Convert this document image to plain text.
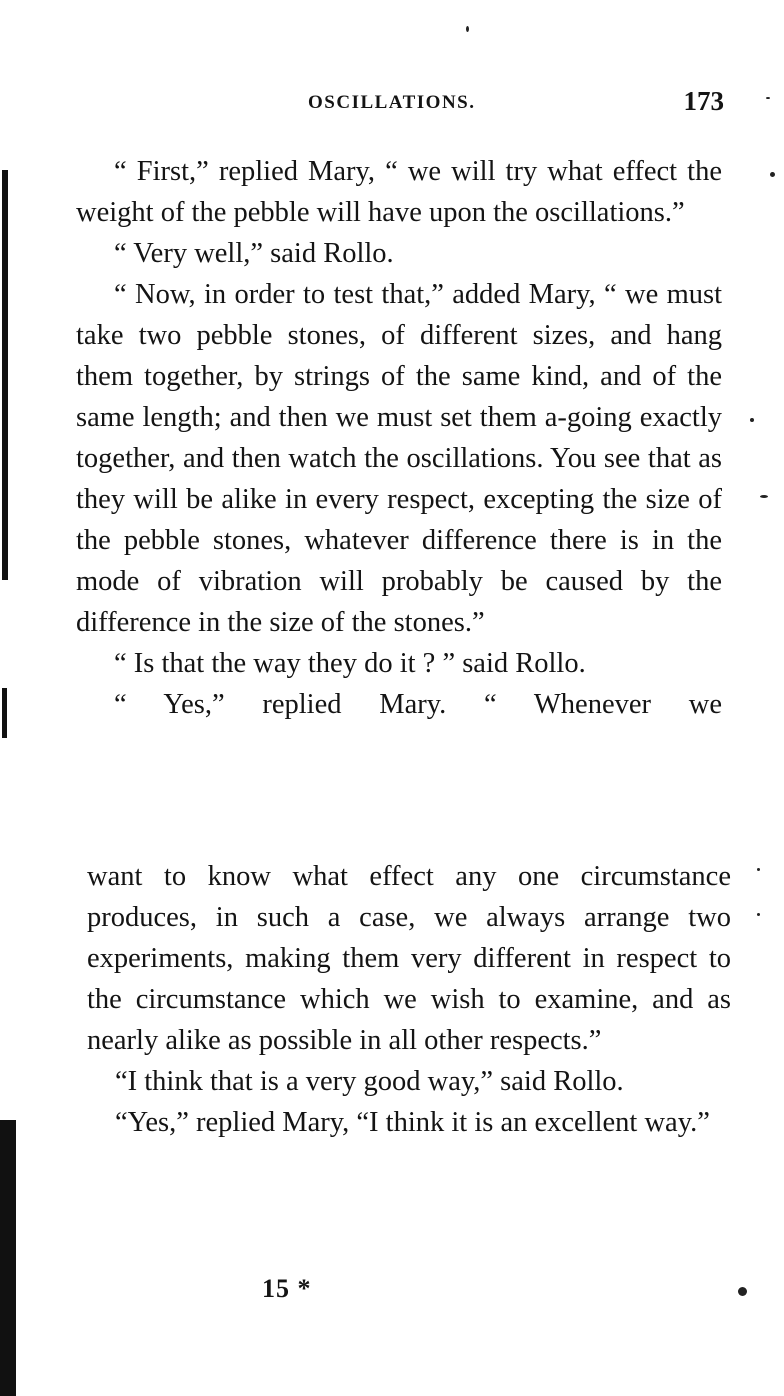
OSCILLATIONS.	173

“ First,” replied Mary, “ we will try what effect the weight of the pebble will have upon the oscillations.”

“ Very well,” said Rollo.

“ Now, in order to test that,” added Mary, “ we must take two pebble stones, of different sizes, and hang them together, by strings of the same kind, and of the same length; and then we must set them a-going exactly together, and then watch the oscillations. You see that as they will be alike in every respect, excepting the size of the pebble stones, whatever difference there is in the mode of vibration will probably be caused by the difference in the size of the stones.”

“ Is that the way they do it ? ” said Rollo.

“ Yes,” replied Mary. “ Whenever we

want to know what effect any one circumstance produces, in such a case, we always arrange two experiments, making them very different in respect to the circumstance which we wish to examine, and as nearly alike as possible in all other respects.”

“I think that is a very good way,” said Rollo.

“Yes,” replied Mary, “I think it is an excellent way.”

15 *
